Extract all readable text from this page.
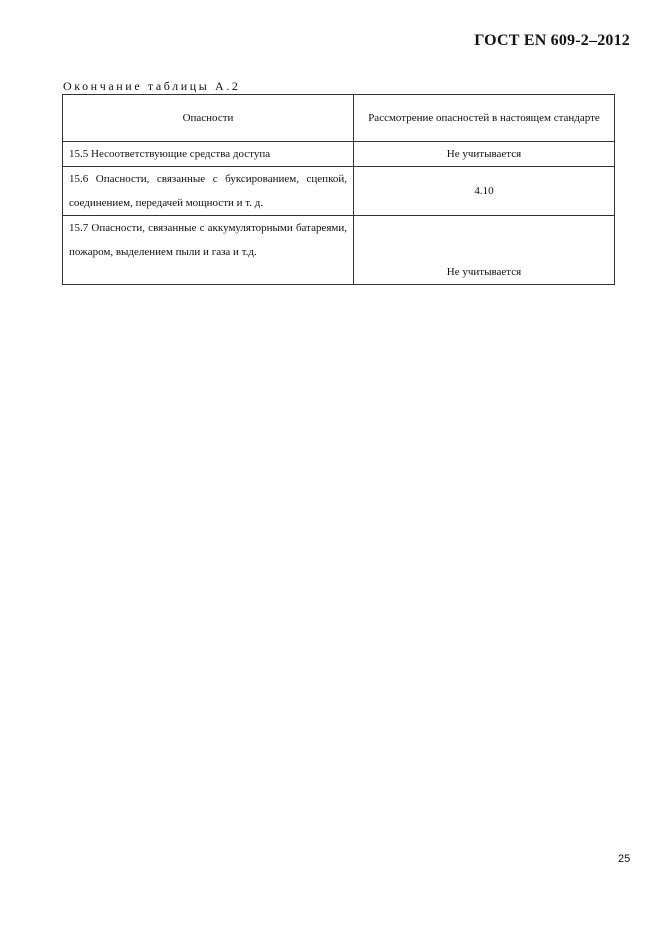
ГОСТ EN 609-2–2012
Окончание таблицы А.2
Опасности	Рассмотрение опасностей в настоящем стандарте
15.5 Несоответствующие средства доступа	Не учитывается
15.6 Опасности, связанные с буксированием, сцепкой, соединением, передачей мощности и т. д.	4.10
15.7 Опасности, связанные с аккумуляторными батареями, пожаром, выделением пыли и газа и т.д.	Не учитывается
25
